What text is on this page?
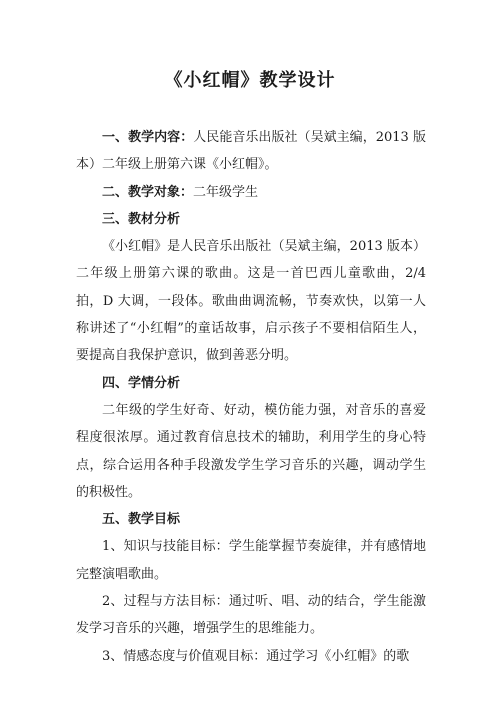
《小红帽》教学设计

一、教学内容：人民能音乐出版社（吴斌主编，2013 版本）二年级上册第六课《小红帽》。

二、教学对象：二年级学生

三、教材分析

《小红帽》是人民音乐出版社（吴斌主编，2013 版本）二年级上册第六课的歌曲。这是一首巴西儿童歌曲，2/4 拍，D 大调，一段体。歌曲曲调流畅，节奏欢快，以第一人称讲述了“小红帽”的童话故事，启示孩子不要相信陌生人，要提高自我保护意识，做到善恶分明。

四、学情分析

二年级的学生好奇、好动，模仿能力强，对音乐的喜爱程度很浓厚。通过教育信息技术的辅助，利用学生的身心特点，综合运用各种手段激发学生学习音乐的兴趣，调动学生的积极性。

五、教学目标

1、知识与技能目标：学生能掌握节奏旋律，并有感情地完整演唱歌曲。

2、过程与方法目标：通过听、唱、动的结合，学生能激发学习音乐的兴趣，增强学生的思维能力。

3、情感态度与价值观目标：通过学习《小红帽》的歌
